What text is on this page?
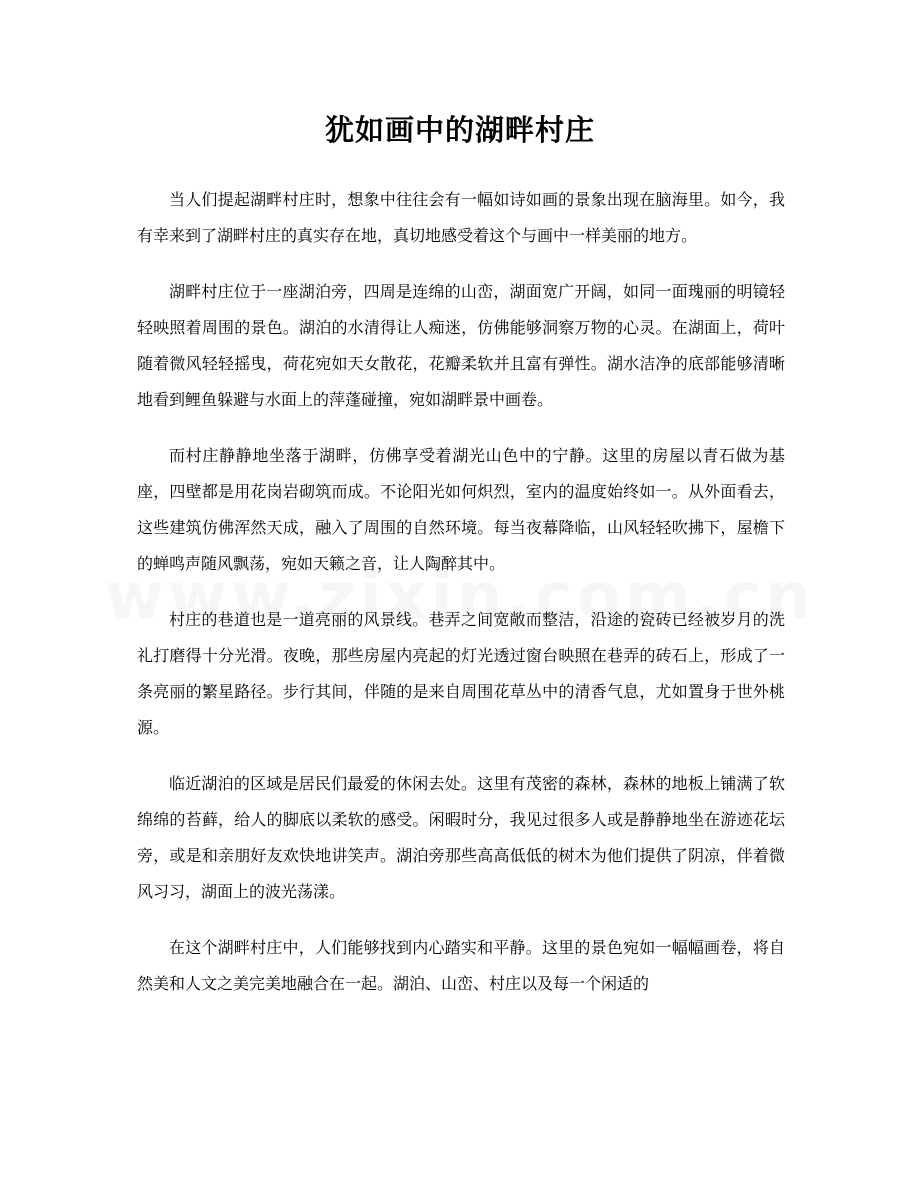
犹如画中的湖畔村庄

当人们提起湖畔村庄时，想象中往往会有一幅如诗如画的景象出现在脑海里。如今，我有幸来到了湖畔村庄的真实存在地，真切地感受着这个与画中一样美丽的地方。

湖畔村庄位于一座湖泊旁，四周是连绵的山峦，湖面宽广开阔，如同一面瑰丽的明镜轻轻映照着周围的景色。湖泊的水清得让人痴迷，仿佛能够洞察万物的心灵。在湖面上，荷叶随着微风轻轻摇曳，荷花宛如天女散花，花瓣柔软并且富有弹性。湖水洁净的底部能够清晰地看到鲤鱼躲避与水面上的萍蓬碰撞，宛如湖畔景中画卷。

而村庄静静地坐落于湖畔，仿佛享受着湖光山色中的宁静。这里的房屋以青石做为基座，四壁都是用花岗岩砌筑而成。不论阳光如何炽烈，室内的温度始终如一。从外面看去，这些建筑仿佛浑然天成，融入了周围的自然环境。每当夜幕降临，山风轻轻吹拂下，屋檐下的蝉鸣声随风飘荡，宛如天籁之音，让人陶醉其中。

村庄的巷道也是一道亮丽的风景线。巷弄之间宽敞而整洁，沿途的瓷砖已经被岁月的洗礼打磨得十分光滑。夜晚，那些房屋内亮起的灯光透过窗台映照在巷弄的砖石上，形成了一条亮丽的繁星路径。步行其间，伴随的是来自周围花草丛中的清香气息，尤如置身于世外桃源。

临近湖泊的区域是居民们最爱的休闲去处。这里有茂密的森林，森林的地板上铺满了软绵绵的苔藓，给人的脚底以柔软的感受。闲暇时分，我见过很多人或是静静地坐在游迹花坛旁，或是和亲朋好友欢快地讲笑声。湖泊旁那些高高低低的树木为他们提供了阴凉，伴着微风习习，湖面上的波光荡漾。

在这个湖畔村庄中，人们能够找到内心踏实和平静。这里的景色宛如一幅幅画卷，将自然美和人文之美完美地融合在一起。湖泊、山峦、村庄以及每一个闲适的
